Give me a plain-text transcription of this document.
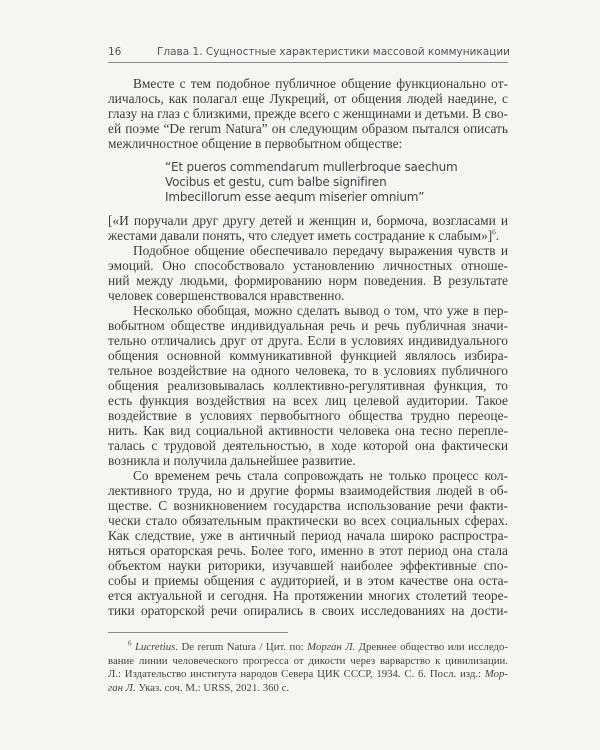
16	Глава 1. Сущностные характеристики массовой коммуникации
Вместе с тем подобное публичное общение функционально от-
личалось, как полагал еще Лукреций, от общения людей наедине, с
глазу на глаз с близкими, прежде всего с женщинами и детьми. В сво-
ей поэме “De rerum Natura” он следующим образом пытался описать
межличностное общение в первобытном обществе:
“Et pueros commendarum mullerbroque saechum
Vocibus et gestu, cum balbe signifiren
Imbecillorum esse aequm miserier omnium”
[«И поручали друг другу детей и женщин и, бормоча, возгласами и
жестами давали понять, что следует иметь сострадание к слабым»]$^6$.
Подобное общение обеспечивало передачу выражения чувств и
эмоций. Оно способствовало установлению личностных отноше-
ний между людьми, формированию норм поведения. В результате
человек совершенствовался нравственно.
Несколько обобщая, можно сделать вывод о том, что уже в пер-
вобытном обществе индивидуальная речь и речь публичная значи-
тельно отличались друг от друга. Если в условиях индивидуального
общения основной коммуникативной функцией являлось избира-
тельное воздействие на одного человека, то в условиях публичного
общения реализовывалась коллективно-регулятивная функция, то
есть функция воздействия на всех лиц целевой аудитории. Такое
воздействие в условиях первобытного общества трудно переоце-
нить. Как вид социальной активности человека она тесно перепле-
талась с трудовой деятельностью, в ходе которой она фактически
возникла и получила дальнейшее развитие.
Со временем речь стала сопровождать не только процесс кол-
лективного труда, но и другие формы взаимодействия людей в об-
ществе. С возникновением государства использование речи факти-
чески стало обязательным практически во всех социальных сферах.
Как следствие, уже в античный период начала широко распростра-
няться ораторская речь. Более того, именно в этот период она стала
объектом науки риторики, изучавшей наиболее эффективные спо-
собы и приемы общения с аудиторией, и в этом качестве она оста-
ется актуальной и сегодня. На протяжении многих столетий теоре-
тики ораторской речи опирались в своих исследованиях на дости-
$^6$ Lucretius. De rerum Natura / Цит. по: Морган Л. Древнее общество или исследо-
вание линии человеческого прогресса от дикости через варварство к цивилизации.
Л.: Издательство института народов Севера ЦИК СССР, 1934. С. 6. Посл. изд.: Мор-
ган Л. Указ. соч. М.: URSS, 2021. 360 с.
